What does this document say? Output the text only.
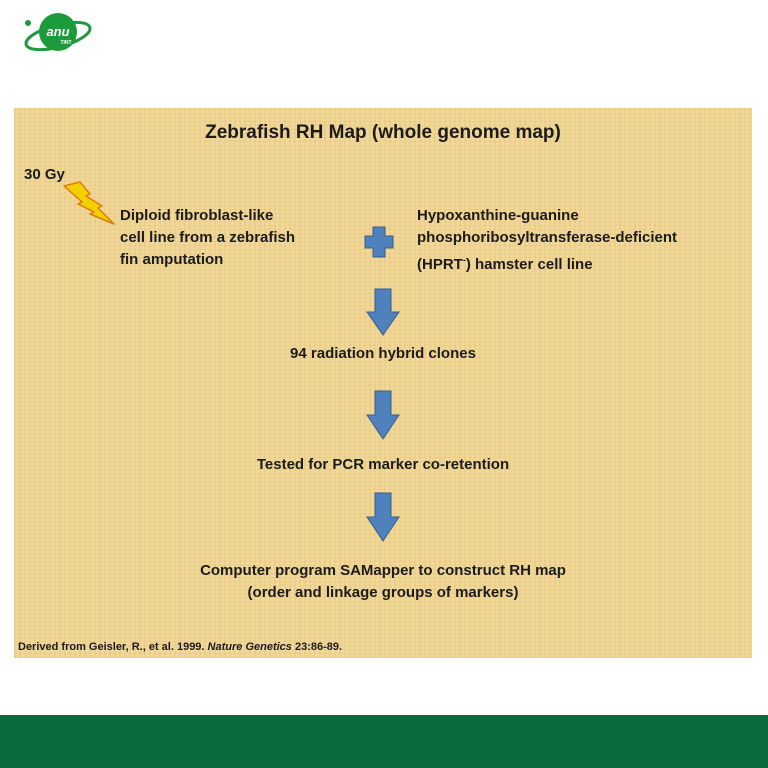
anu
TINT
Zebrafish RH Map (whole genome map)
30 Gy
Diploid fibroblast-like
cell line from a zebrafish
fin amputation
Hypoxanthine-guanine
phosphoribosyltransferase-deficient
(HPRT-) hamster cell line
94 radiation hybrid clones
Tested for PCR marker co-retention
Computer program SAMapper to construct RH map
(order and linkage groups of markers)
Derived from Geisler, R., et al. 1999. Nature Genetics 23:86-89.
